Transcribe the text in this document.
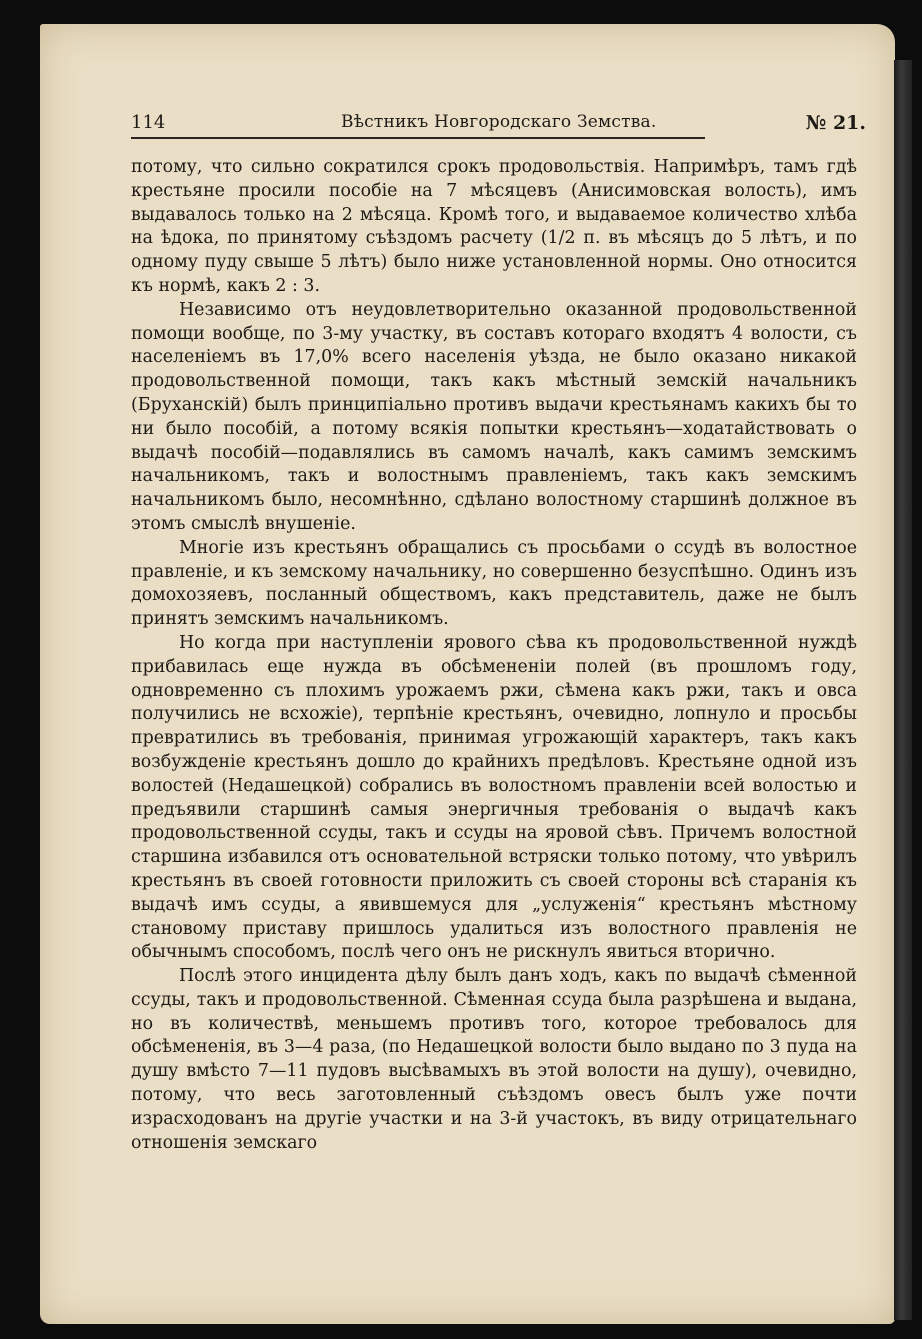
114	Вѣстникъ Новгородскаго Земства.	№ 21.

потому, что сильно сократился срокъ продовольствія. Напримѣръ, тамъ гдѣ крестьяне просили пособіе на 7 мѣсяцевъ (Анисимовская волость), имъ выдавалось только на 2 мѣсяца. Кромѣ того, и выдаваемое количество хлѣба на ѣдока, по принятому съѣздомъ расчету (1/2 п. въ мѣсяцъ до 5 лѣтъ, и по одному пуду свыше 5 лѣтъ) было ниже установленной нормы. Оно относится къ нормѣ, какъ 2 : 3.

Независимо отъ неудовлетворительно оказанной продовольственной помощи вообще, по 3-му участку, въ составъ котораго входятъ 4 волости, съ населеніемъ въ 17,0% всего населенія уѣзда, не было оказано никакой продовольственной помощи, такъ какъ мѣстный земскій начальникъ (Бруханскій) былъ принципіально противъ выдачи крестьянамъ какихъ бы то ни было пособій, а потому всякія попытки крестьянъ—ходатайствовать о выдачѣ пособій—подавлялись въ самомъ началѣ, какъ самимъ земскимъ начальникомъ, такъ и волостнымъ правленіемъ, такъ какъ земскимъ начальникомъ было, несомнѣнно, сдѣлано волостному старшинѣ должное въ этомъ смыслѣ внушеніе.

Многіе изъ крестьянъ обращались съ просьбами о ссудѣ въ волостное правленіе, и къ земскому начальнику, но совершенно безуспѣшно. Одинъ изъ домохозяевъ, посланный обществомъ, какъ представитель, даже не былъ принятъ земскимъ начальникомъ.

Но когда при наступленіи ярового сѣва къ продовольственной нуждѣ прибавилась еще нужда въ обсѣмененіи полей (въ прошломъ году, одновременно съ плохимъ урожаемъ ржи, сѣмена какъ ржи, такъ и овса получились не всхожіе), терпѣніе крестьянъ, очевидно, лопнуло и просьбы превратились въ требованія, принимая угрожающій характеръ, такъ какъ возбужденіе крестьянъ дошло до крайнихъ предѣловъ. Крестьяне одной изъ волостей (Недашецкой) собрались въ волостномъ правленіи всей волостью и предъявили старшинѣ самыя энергичныя требованія о выдачѣ какъ продовольственной ссуды, такъ и ссуды на яровой сѣвъ. Причемъ волостной старшина избавился отъ основательной встряски только потому, что увѣрилъ крестьянъ въ своей готовности приложить съ своей стороны всѣ старанія къ выдачѣ имъ ссуды, а явившемуся для „услуженія“ крестьянъ мѣстному становому приставу пришлось удалиться изъ волостного правленія не обычнымъ способомъ, послѣ чего онъ не рискнулъ явиться вторично.

Послѣ этого инцидента дѣлу былъ данъ ходъ, какъ по выдачѣ сѣменной ссуды, такъ и продовольственной. Сѣменная ссуда была разрѣшена и выдана, но въ количествѣ, меньшемъ противъ того, которое требовалось для обсѣмененія, въ 3—4 раза, (по Недашецкой волости было выдано по 3 пуда на душу вмѣсто 7—11 пудовъ высѣвамыхъ въ этой волости на душу), очевидно, потому, что весь заготовленный съѣздомъ овесъ былъ уже почти израсходованъ на другіе участки и на 3-й участокъ, въ виду отрицательнаго отношенія земскаго
